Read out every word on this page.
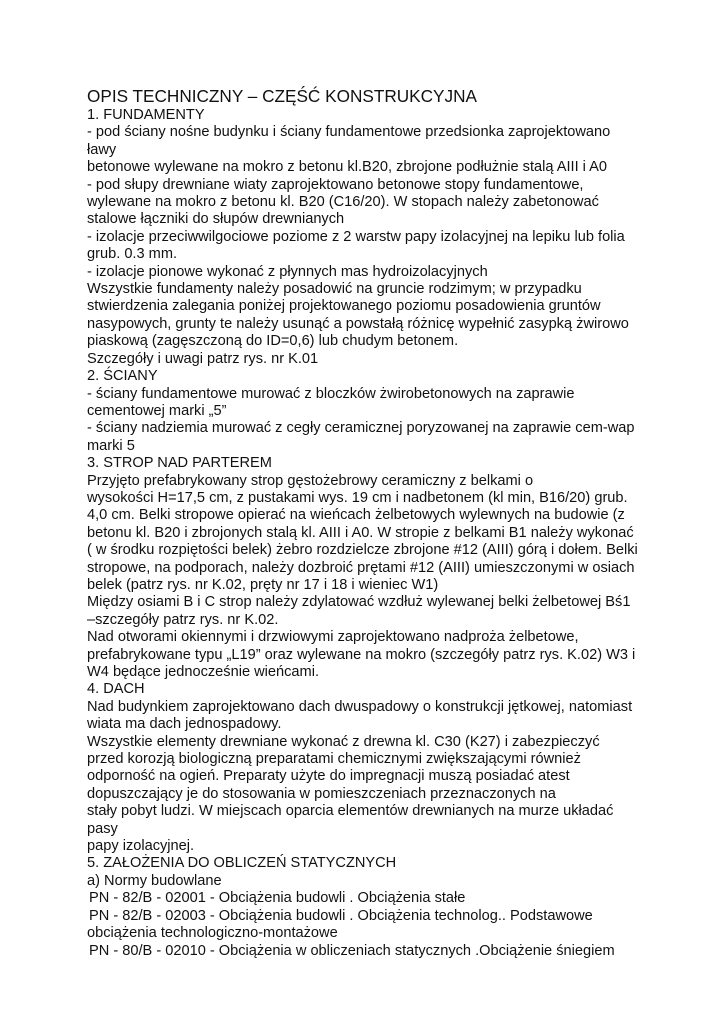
OPIS TECHNICZNY – CZĘŚĆ KONSTRUKCYJNA
1. FUNDAMENTY
- pod ściany nośne budynku i ściany fundamentowe przedsionka zaprojektowano
ławy
betonowe wylewane na mokro z betonu kl.B20, zbrojone podłużnie stalą AIII i A0
- pod słupy drewniane wiaty zaprojektowano betonowe stopy fundamentowe,
wylewane na mokro z betonu kl. B20 (C16/20). W stopach należy zabetonować
stalowe łączniki do słupów drewnianych
- izolacje przeciwwilgociowe poziome z 2 warstw papy izolacyjnej na lepiku lub folia
grub. 0.3 mm.
- izolacje pionowe wykonać z płynnych mas hydroizolacyjnych
Wszystkie fundamenty należy posadowić na gruncie rodzimym; w przypadku
stwierdzenia zalegania poniżej projektowanego poziomu posadowienia gruntów
nasypowych, grunty te należy usunąć a powstałą różnicę wypełnić zasypką żwirowo
piaskową (zagęszczoną do ID=0,6) lub chudym betonem.
Szczegóły i uwagi patrz rys. nr K.01
2. ŚCIANY
- ściany fundamentowe murować z bloczków żwirobetonowych na zaprawie
cementowej marki „5”
- ściany nadziemia murować z cegły ceramicznej poryzowanej na zaprawie cem-wap
marki 5
3. STROP NAD PARTEREM
Przyjęto prefabrykowany strop gęstożebrowy ceramiczny z belkami o
wysokości H=17,5 cm, z pustakami wys. 19 cm i nadbetonem (kl min, B16/20) grub.
4,0 cm. Belki stropowe opierać na wieńcach żelbetowych wylewnych na budowie (z
betonu kl. B20 i zbrojonych stalą kl. AIII i A0. W stropie z belkami B1 należy wykonać
( w środku rozpiętości belek) żebro rozdzielcze zbrojone #12 (AIII) górą i dołem. Belki
stropowe, na podporach, należy dozbroić prętami #12 (AIII) umieszczonymi w osiach
belek (patrz rys. nr K.02, pręty nr 17 i 18 i wieniec W1)
Między osiami B i C strop należy zdylatować wzdłuż wylewanej belki żelbetowej Bś1
–szczegóły patrz rys. nr K.02.
Nad otworami okiennymi i drzwiowymi zaprojektowano nadproża żelbetowe,
prefabrykowane typu „L19” oraz wylewane na mokro (szczegóły patrz rys. K.02) W3 i
W4 będące jednocześnie wieńcami.
4. DACH
Nad budynkiem zaprojektowano dach dwuspadowy o konstrukcji jętkowej, natomiast
wiata ma dach jednospadowy.
Wszystkie elementy drewniane wykonać z drewna kl. C30 (K27) i zabezpieczyć
przed korozją biologiczną preparatami chemicznymi zwiększającymi również
odporność na ogień. Preparaty użyte do impregnacji muszą posiadać atest
dopuszczający je do stosowania w pomieszczeniach przeznaczonych na
stały pobyt ludzi. W miejscach oparcia elementów drewnianych na murze układać
pasy
papy izolacyjnej.
5. ZAŁOŻENIA DO OBLICZEŃ STATYCZNYCH
a) Normy budowlane
PN - 82/B - 02001 - Obciążenia budowli . Obciążenia stałe
PN - 82/B - 02003 - Obciążenia budowli . Obciążenia technolog.. Podstawowe
obciążenia technologiczno-montażowe
PN - 80/B - 02010 - Obciążenia w obliczeniach statycznych .Obciążenie śniegiem
